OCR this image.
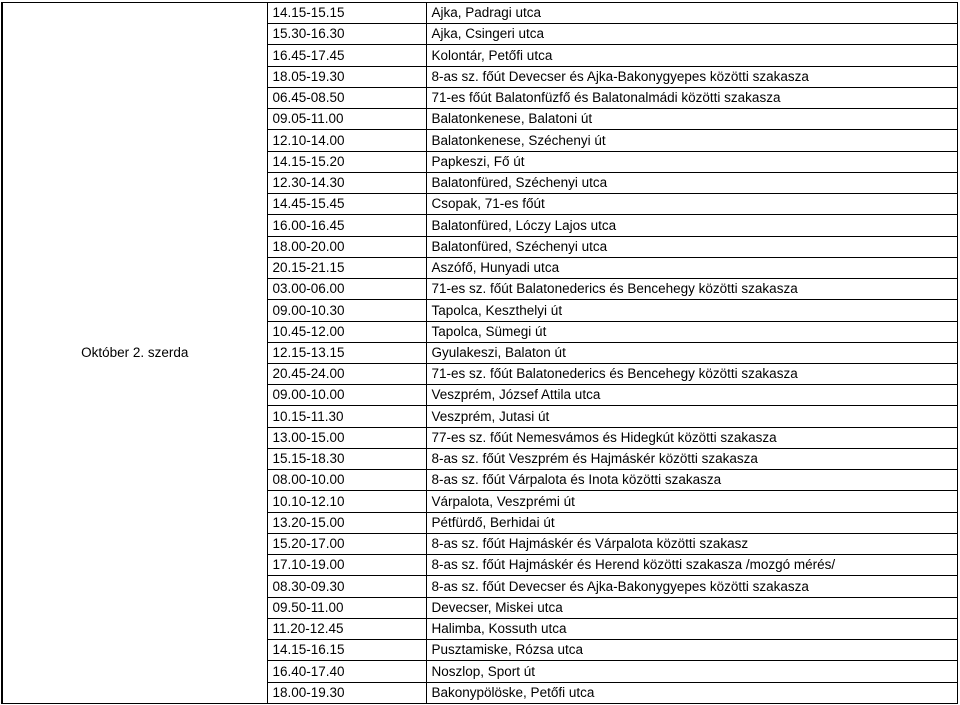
Október 2. szerda	14.15-15.15	Ajka, Padragi utca
	15.30-16.30	Ajka, Csingeri utca
	16.45-17.45	Kolontár, Petőfi utca
	18.05-19.30	8-as sz. főút Devecser és Ajka-Bakonygyepes közötti szakasza
	06.45-08.50	71-es főút Balatonfüzfő és Balatonalmádi közötti szakasza
	09.05-11.00	Balatonkenese, Balatoni út
	12.10-14.00	Balatonkenese, Széchenyi út
	14.15-15.20	Papkeszi, Fő út
	12.30-14.30	Balatonfüred, Széchenyi utca
	14.45-15.45	Csopak, 71-es főút
	16.00-16.45	Balatonfüred, Lóczy Lajos utca
	18.00-20.00	Balatonfüred, Széchenyi utca
	20.15-21.15	Aszófő, Hunyadi utca
	03.00-06.00	71-es sz. főút Balatonederics és Bencehegy közötti szakasza
	09.00-10.30	Tapolca, Keszthelyi út
	10.45-12.00	Tapolca, Sümegi út
	12.15-13.15	Gyulakeszi, Balaton út
	20.45-24.00	71-es sz. főút Balatonederics és Bencehegy közötti szakasza
	09.00-10.00	Veszprém, József Attila utca
	10.15-11.30	Veszprém, Jutasi út
	13.00-15.00	77-es sz. főút Nemesvámos és Hidegkút közötti szakasza
	15.15-18.30	8-as sz. főút Veszprém és Hajmáskér közötti szakasza
	08.00-10.00	8-as sz. főút Várpalota és Inota közötti szakasza
	10.10-12.10	Várpalota, Veszprémi út
	13.20-15.00	Pétfürdő, Berhidai út
	15.20-17.00	8-as sz. főút Hajmáskér és Várpalota közötti szakasz
	17.10-19.00	8-as sz. főút Hajmáskér és Herend közötti szakasza /mozgó mérés/
	08.30-09.30	8-as sz. főút Devecser és Ajka-Bakonygyepes közötti szakasza
	09.50-11.00	Devecser, Miskei utca
	11.20-12.45	Halimba, Kossuth utca
	14.15-16.15	Pusztamiske, Rózsa utca
	16.40-17.40	Noszlop, Sport út
	18.00-19.30	Bakonypölöske, Petőfi utca
